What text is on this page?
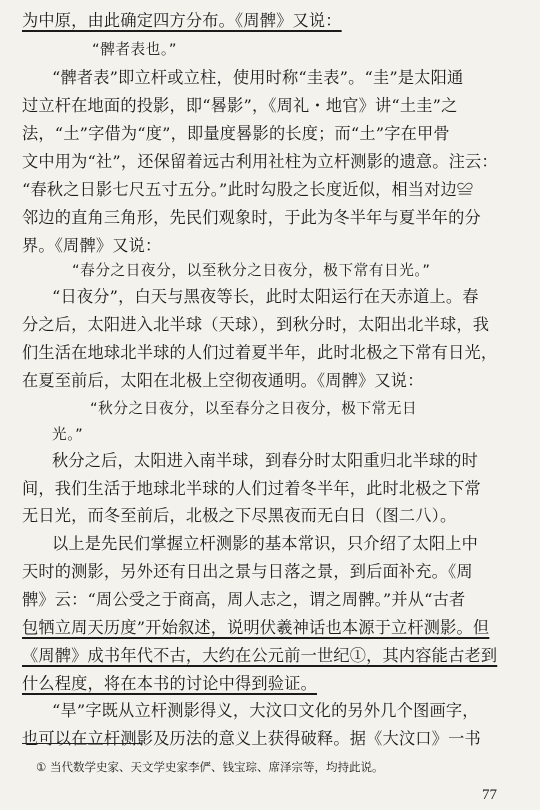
为中原，由此确定四方分布。《周髀》又说：
“髀者表也。”
“髀者表”即立杆或立柱，使用时称“圭表”。“圭”是太阳通
过立杆在地面的投影，即“晷影”，《周礼・地官》讲“土圭”之
法，“土”字借为“度”，即量度晷影的长度；而“土”字在甲骨
文中用为“社”，还保留着远古利用社柱为立杆测影的遗意。注云：
“春秋之日影七尺五寸五分。”此时勾股之长度近似，相当对边≌
邻边的直角三角形，先民们观象时，于此为冬半年与夏半年的分
界。《周髀》又说：
“春分之日夜分，以至秋分之日夜分，极下常有日光。”
“日夜分”，白天与黑夜等长，此时太阳运行在天赤道上。春
分之后，太阳进入北半球（天球），到秋分时，太阳出北半球，我
们生活在地球北半球的人们过着夏半年，此时北极之下常有日光，
在夏至前后，太阳在北极上空彻夜通明。《周髀》又说：
“秋分之日夜分，以至春分之日夜分，极下常无日
光。”
秋分之后，太阳进入南半球，到春分时太阳重归北半球的时
间，我们生活于地球北半球的人们过着冬半年，此时北极之下常
无日光，而冬至前后，北极之下尽黑夜而无白日（图二八）。
以上是先民们掌握立杆测影的基本常识，只介绍了太阳上中
天时的测影，另外还有日出之景与日落之景，到后面补充。《周
髀》云：“周公受之于商高，周人志之，谓之周髀。”并从“古者
包牺立周天历度”开始叙述，说明伏羲神话也本源于立杆测影。但
《周髀》成书年代不古，大约在公元前一世纪①，其内容能古老到
什么程度，将在本书的讨论中得到验证。
“旱”字既从立杆测影得义，大汶口文化的另外几个图画字，
也可以在立杆测影及历法的意义上获得破释。据《大汶口》一书
① 当代数学史家、天文学史家李俨、钱宝琮、席泽宗等，均持此说。
77
